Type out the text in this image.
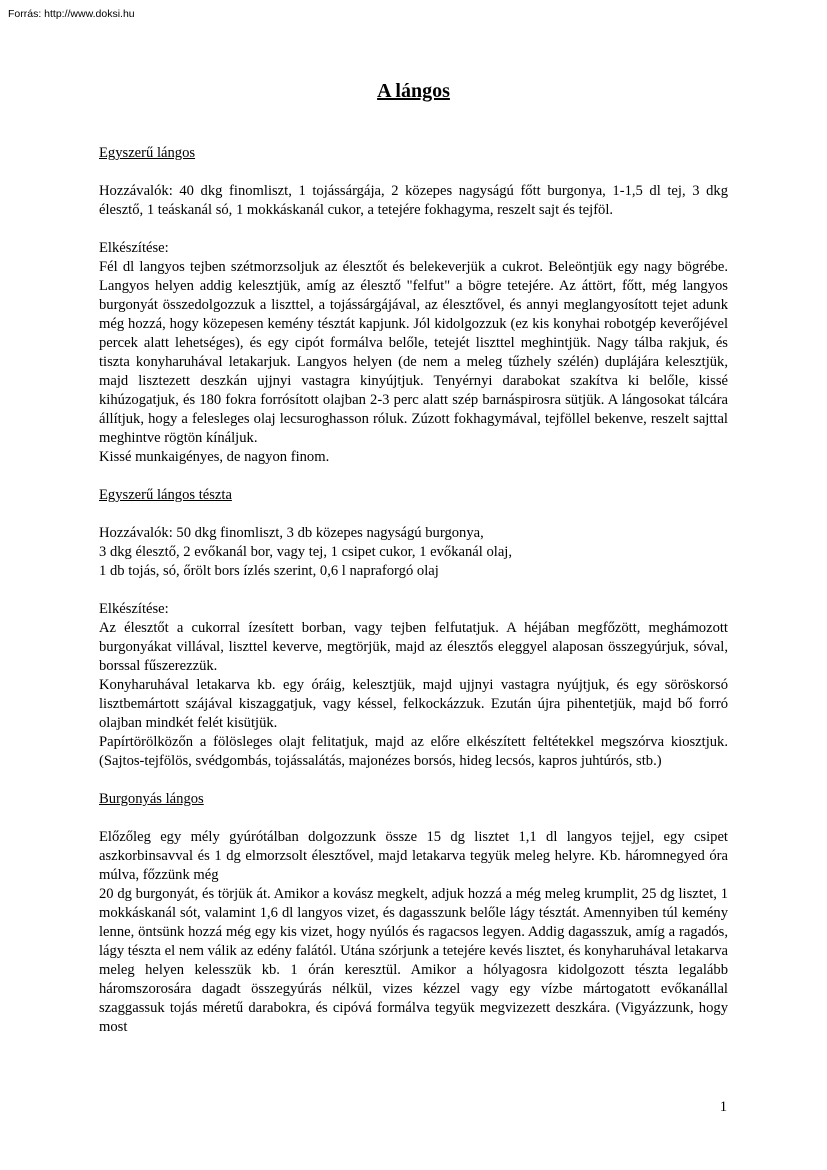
Forrás: http://www.doksi.hu

A lángos

Egyszerű lángos

Hozzávalók: 40 dkg finomliszt, 1 tojássárgája, 2 közepes nagyságú főtt burgonya, 1-1,5 dl tej, 3 dkg élesztő, 1 teáskanál só, 1 mokkáskanál cukor, a tetejére fokhagyma, reszelt sajt és tejföl.

Elkészítése:

Fél dl langyos tejben szétmorzsoljuk az élesztőt és belekeverjük a cukrot. Beleöntjük egy nagy bögrébe. Langyos helyen addig kelesztjük, amíg az élesztő "felfut" a bögre tetejére. Az áttört, főtt, még langyos burgonyát összedolgozzuk a liszttel, a tojássárgájával, az élesztővel, és annyi meglangyosított tejet adunk még hozzá, hogy közepesen kemény tésztát kapjunk. Jól kidolgozzuk (ez kis konyhai robotgép keverőjével percek alatt lehetséges), és egy cipót formálva belőle, tetejét liszttel meghintjük. Nagy tálba rakjuk, és tiszta konyharuhával letakarjuk. Langyos helyen (de nem a meleg tűzhely szélén) duplájára kelesztjük, majd lisztezett deszkán ujjnyi vastagra kinyújtjuk. Tenyérnyi darabokat szakítva ki belőle, kissé kihúzogatjuk, és 180 fokra forrósított olajban 2-3 perc alatt szép barnáspirosra sütjük. A lángosokat tálcára állítjuk, hogy a felesleges olaj lecsuroghasson róluk. Zúzott fokhagymával, tejföllel bekenve, reszelt sajttal meghintve rögtön kínáljuk.

Kissé munkaigényes, de nagyon finom.

Egyszerű lángos tészta

Hozzávalók: 50 dkg finomliszt, 3 db közepes nagyságú burgonya,

3 dkg élesztő, 2 evőkanál bor, vagy tej, 1 csipet cukor, 1 evőkanál olaj,

1 db tojás, só, őrölt bors ízlés szerint, 0,6 l napraforgó olaj

Elkészítése:

Az élesztőt a cukorral ízesített borban, vagy tejben felfutatjuk. A héjában megfőzött, meghámozott burgonyákat villával, liszttel keverve, megtörjük, majd az élesztős eleggyel alaposan összegyúrjuk, sóval, borssal fűszerezzük.

Konyharuhával letakarva kb. egy óráig, kelesztjük, majd ujjnyi vastagra nyújtjuk, és egy söröskorsó lisztbemártott szájával kiszaggatjuk, vagy késsel, felkockázzuk. Ezután újra pihentetjük, majd bő forró olajban mindkét felét kisütjük.

Papírtörölközőn a fölösleges olajt felitatjuk, majd az előre elkészített feltétekkel megszórva kiosztjuk. (Sajtos-tejfölös, svédgombás, tojássalátás, majonézes borsós, hideg lecsós, kapros juhtúrós, stb.)

Burgonyás lángos

Előzőleg egy mély gyúrótálban dolgozzunk össze 15 dg lisztet 1,1 dl langyos tejjel, egy csipet aszkorbinsavval és 1 dg elmorzsolt élesztővel, majd letakarva tegyük meleg helyre. Kb. háromnegyed óra múlva, főzzünk még

20 dg burgonyát, és törjük át. Amikor a kovász megkelt, adjuk hozzá a még meleg krumplit, 25 dg lisztet, 1 mokkáskanál sót, valamint 1,6 dl langyos vizet, és dagasszunk belőle lágy tésztát. Amennyiben túl kemény lenne, öntsünk hozzá még egy kis vizet, hogy nyúlós és ragacsos legyen. Addig dagasszuk, amíg a ragadós, lágy tészta el nem válik az edény falától. Utána szórjunk a tetejére kevés lisztet, és konyharuhával letakarva meleg helyen kelesszük kb. 1 órán keresztül. Amikor a hólyagosra kidolgozott tészta legalább háromszorosára dagadt összegyúrás nélkül, vizes kézzel vagy egy vízbe mártogatott evőkanállal szaggassuk tojás méretű darabokra, és cipóvá formálva tegyük megvizezett deszkára. (Vigyázzunk, hogy most

1
